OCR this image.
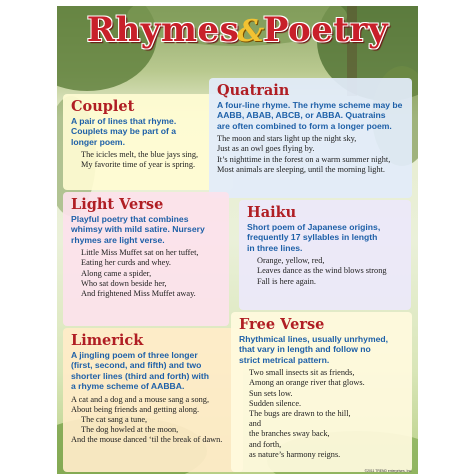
Rhymes&Poetry
Couplet
A pair of lines that rhyme.
Couplets may be part of a
longer poem.
The icicles melt, the blue jays sing,
My favorite time of year is spring.
Quatrain
A four-line rhyme. The rhyme scheme may be
AABB, ABAB, ABCB, or ABBA. Quatrains
are often combined to form a longer poem.
The moon and stars light up the night sky,
Just as an owl goes flying by.
It’s nighttime in the forest on a warm summer night,
Most animals are sleeping, until the morning light.
Light Verse
Playful poetry that combines
whimsy with mild satire. Nursery
rhymes are light verse.
Little Miss Muffet sat on her tuffet,
Eating her curds and whey.
Along came a spider,
Who sat down beside her,
And frightened Miss Muffet away.
Haiku
Short poem of Japanese origins,
frequently 17 syllables in length
in three lines.
Orange, yellow, red,
Leaves dance as the wind blows strong
Fall is here again.
Limerick
A jingling poem of three longer
(first, second, and fifth) and two
shorter lines (third and forth) with
a rhyme scheme of AABBA.
A cat and a dog and a mouse sang a song,
About being friends and getting along.
The cat sang a tune,
The dog howled at the moon,
And the mouse danced ‘til the break of dawn.
Free Verse
Rhythmical lines, usually unrhymed,
that vary in length and follow no
strict metrical pattern.
Two small insects sit as friends,
Among an orange river that glows.
Sun sets low.
Sudden silence.
The bugs are drawn to the hill,
and
the branches sway back,
and forth,
as nature’s harmony reigns.
©2011 TREND enterprises, Inc.
